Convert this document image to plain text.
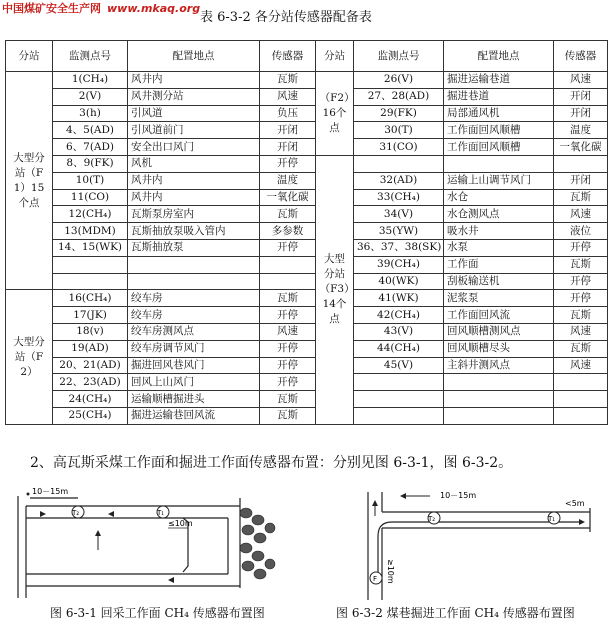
中国煤矿安全生产网 www.mkaq.org
表 6-3-2 各分站传感器配备表
分站	监测点号	配置地点	传感器	分站	监测点号	配置地点	传感器
大型分站（F1）15个点	1(CH₄)	风井内	瓦斯	（F2）16个点	26(V)	掘进运输巷道	风速
	2(V)	风井测分站	风速		27、28(AD)	掘进巷道	开闭
	3(h)	引风道	负压		29(FK)	局部通风机	开闭
	4、5(AD)	引风道前门	开闭		30(T)	工作面回风顺槽	温度
	6、7(AD)	安全出口风门	开闭		31(CO)	工作面回风顺槽	一氧化碳
	8、9(FK)	风机	开停	大型分站（F3）14个点			
	10(T)	风井内	温度		32(AD)	运输上山调节风门	开闭
	11(CO)	风井内	一氧化碳		33(CH₄)	水仓	瓦斯
	12(CH₄)	瓦斯泵房室内	瓦斯		34(V)	水仓测风点	风速
	13(MDM)	瓦斯抽放泵吸入管内	多参数		35(YW)	吸水井	液位
	14、15(WK)	瓦斯抽放泵	开停		36、37、38(SK)	水泵	开停
					39(CH₄)	工作面	瓦斯
					40(WK)	刮板输送机	开停
大型分站（F2）	16(CH₄)	绞车房	瓦斯		41(WK)	泥浆泵	开停
	17(JK)	绞车房	开停		42(CH₄)	工作面回风流	瓦斯
	18(v)	绞车房测风点	风速		43(V)	回风顺槽测风点	风速
	19(AD)	绞车房调节风门	开停		44(CH₄)	回风顺槽尽头	瓦斯
	20、21(AD)	掘进回风巷风门	开停		45(V)	主斜井测风点	风速
	22、23(AD)	回风上山风门	开停				
	24(CH₄)	运输顺槽掘进头	瓦斯				
	25(CH₄)	掘进运输巷回风流	瓦斯				
2、高瓦斯采煤工作面和掘进工作面传感器布置：分别见图 6-3-1，图 6-3-2。
T₂	T₁
10－15m
≤10m
图 6-3-1 回采工作面 CH₄ 传感器布置图
T₂	T₁
F
10－15m
<5m
≥10m
图 6-3-2 煤巷掘进工作面 CH₄ 传感器布置图
